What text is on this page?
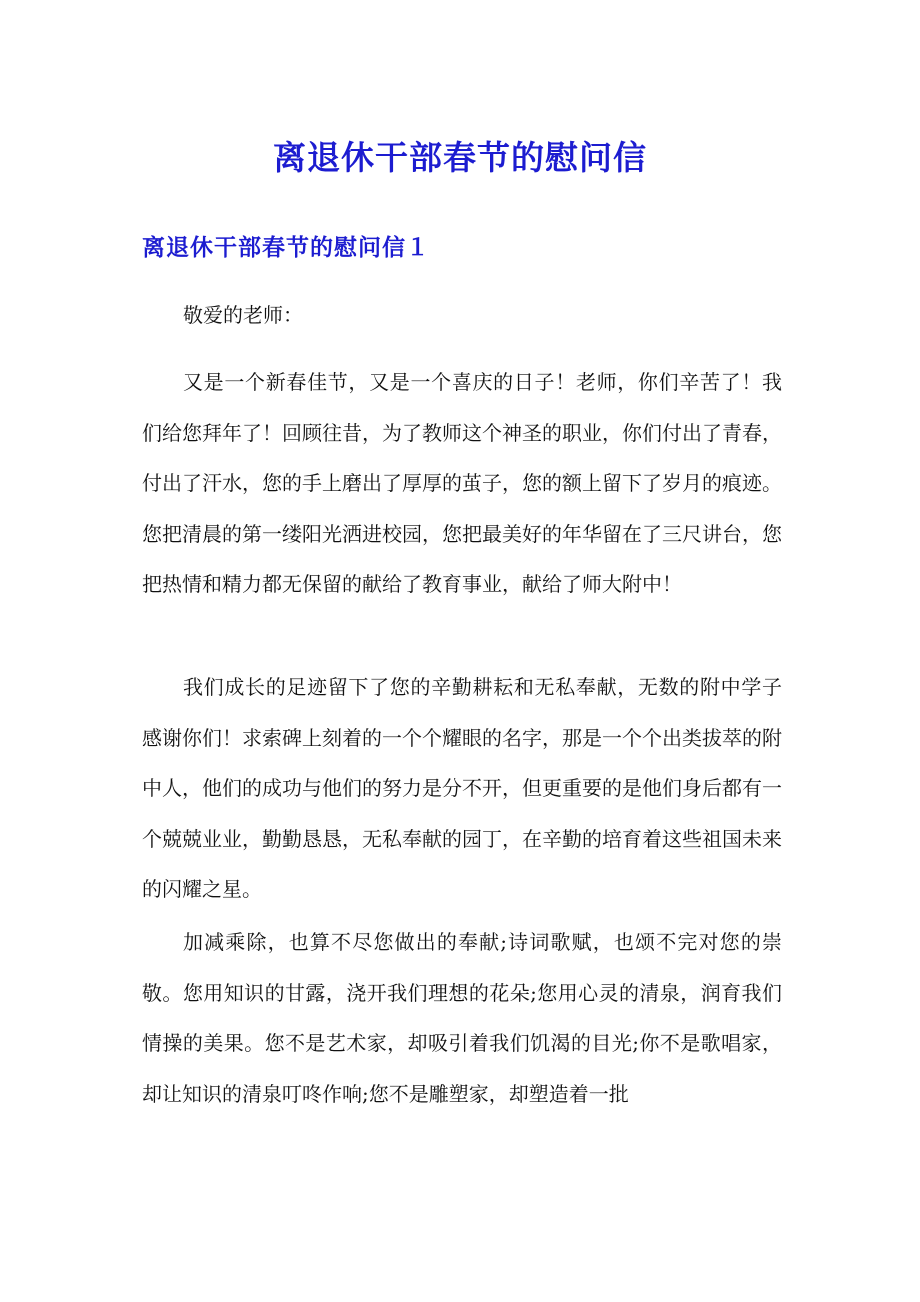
离退休干部春节的慰问信
离退休干部春节的慰问信１

敬爱的老师：

又是一个新春佳节，又是一个喜庆的日子！老师，你们辛苦了！我们给您拜年了！回顾往昔，为了教师这个神圣的职业，你们付出了青春，付出了汗水，您的手上磨出了厚厚的茧子，您的额上留下了岁月的痕迹。您把清晨的第一缕阳光洒进校园，您把最美好的年华留在了三尺讲台，您把热情和精力都无保留的献给了教育事业，献给了师大附中！

我们成长的足迹留下了您的辛勤耕耘和无私奉献，无数的附中学子感谢你们！求索碑上刻着的一个个耀眼的名字，那是一个个出类拔萃的附中人，他们的成功与他们的努力是分不开，但更重要的是他们身后都有一个兢兢业业，勤勤恳恳，无私奉献的园丁，在辛勤的培育着这些祖国未来的闪耀之星。

加减乘除，也算不尽您做出的奉献;诗词歌赋，也颂不完对您的崇敬。您用知识的甘露，浇开我们理想的花朵;您用心灵的清泉，润育我们情操的美果。您不是艺术家，却吸引着我们饥渴的目光;你不是歌唱家，却让知识的清泉叮咚作响;您不是雕塑家，却塑造着一批
